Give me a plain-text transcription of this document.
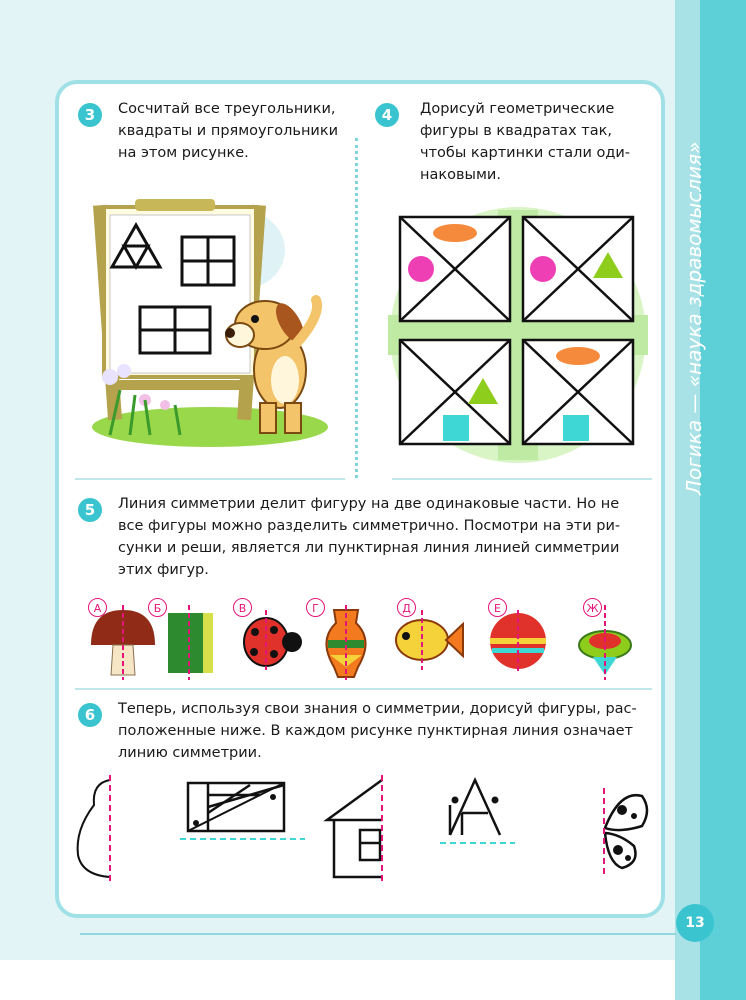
Логика — «наука здравомыслия»
3	Сосчитай все треугольники,
квадраты и прямоугольники
на этом рисунке.
4	Дорисуй геометрические
фигуры в квадратах так,
чтобы картинки стали оди-
наковыми.
5	Линия симметрии делит фигуру на две одинаковые части. Но не
все фигуры можно разделить симметрично. Посмотри на эти ри-
сунки и реши, является ли пунктирная линия линией симметрии
этих фигур.
А	Б	В	Г	Д	Е	Ж
6	Теперь, используя свои знания о симметрии, дорисуй фигуры, рас-
положенные ниже. В каждом рисунке пунктирная линия означает
линию симметрии.
13
